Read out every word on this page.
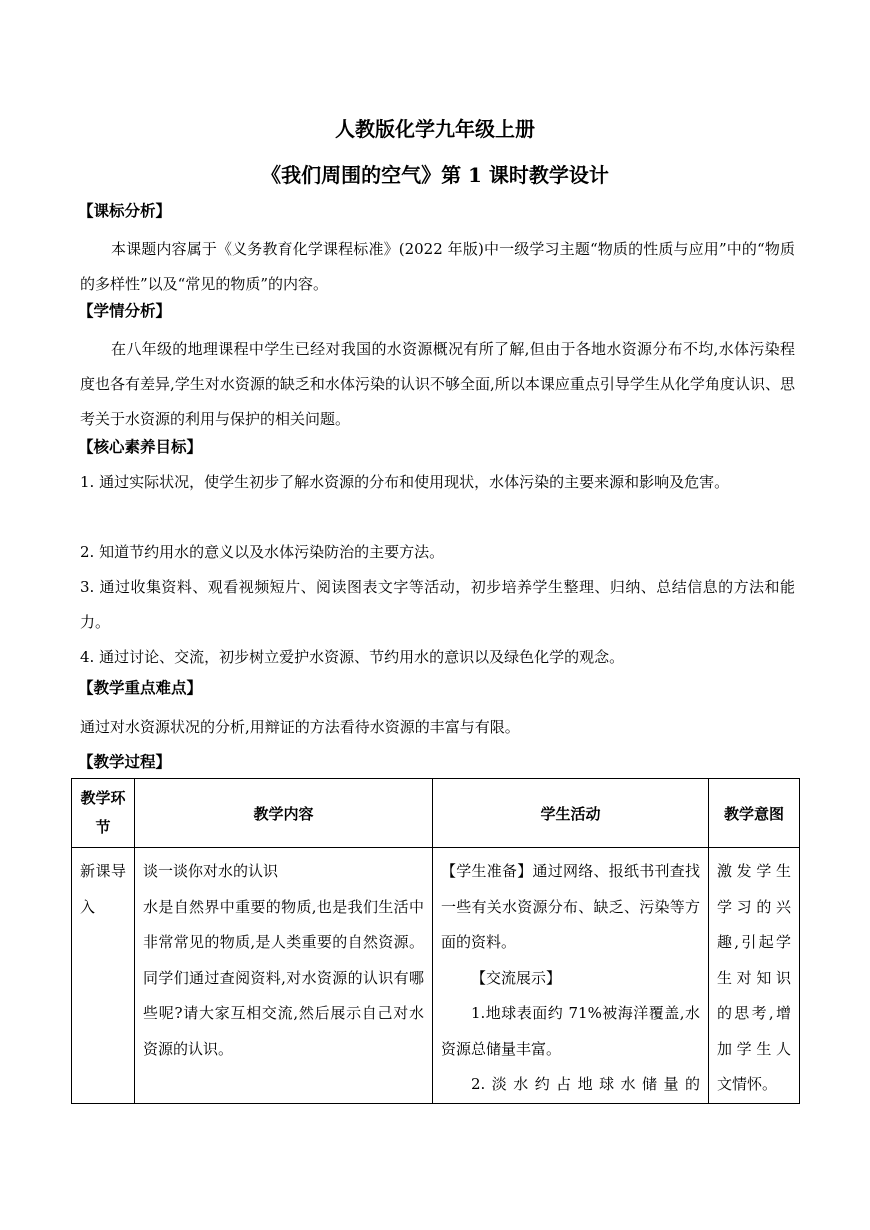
人教版化学九年级上册
《我们周围的空气》第 1 课时教学设计
【课标分析】
本课题内容属于《义务教育化学课程标准》(2022 年版)中一级学习主题“物质的性质与应用”中的“物质的多样性”以及“常见的物质”的内容。
【学情分析】
在八年级的地理课程中学生已经对我国的水资源概况有所了解,但由于各地水资源分布不均,水体污染程度也各有差异,学生对水资源的缺乏和水体污染的认识不够全面,所以本课应重点引导学生从化学角度认识、思考关于水资源的利用与保护的相关问题。
【核心素养目标】
1. 通过实际状况，使学生初步了解水资源的分布和使用现状，水体污染的主要来源和影响及危害。
2. 知道节约用水的意义以及水体污染防治的主要方法。
3. 通过收集资料、观看视频短片、阅读图表文字等活动，初步培养学生整理、归纳、总结信息的方法和能力。
4. 通过讨论、交流，初步树立爱护水资源、节约用水的意识以及绿色化学的观念。
【教学重点难点】
通过对水资源状况的分析,用辩证的方法看待水资源的丰富与有限。
【教学过程】
教学环节	教学内容	学生活动	教学意图
新课导入	谈一谈你对水的认识
水是自然界中重要的物质,也是我们生活中非常常见的物质,是人类重要的自然资源。同学们通过查阅资料,对水资源的认识有哪些呢?请大家互相交流,然后展示自己对水资源的认识。	【学生准备】通过网络、报纸书刊查找一些有关水资源分布、缺乏、污染等方面的资料。
【交流展示】
1.地球表面约 71%被海洋覆盖,水资源总储量丰富。
2.淡水约占地球水储量的	激发学生学习的兴趣,引起学生对知识的思考,增加学生人文情怀。
